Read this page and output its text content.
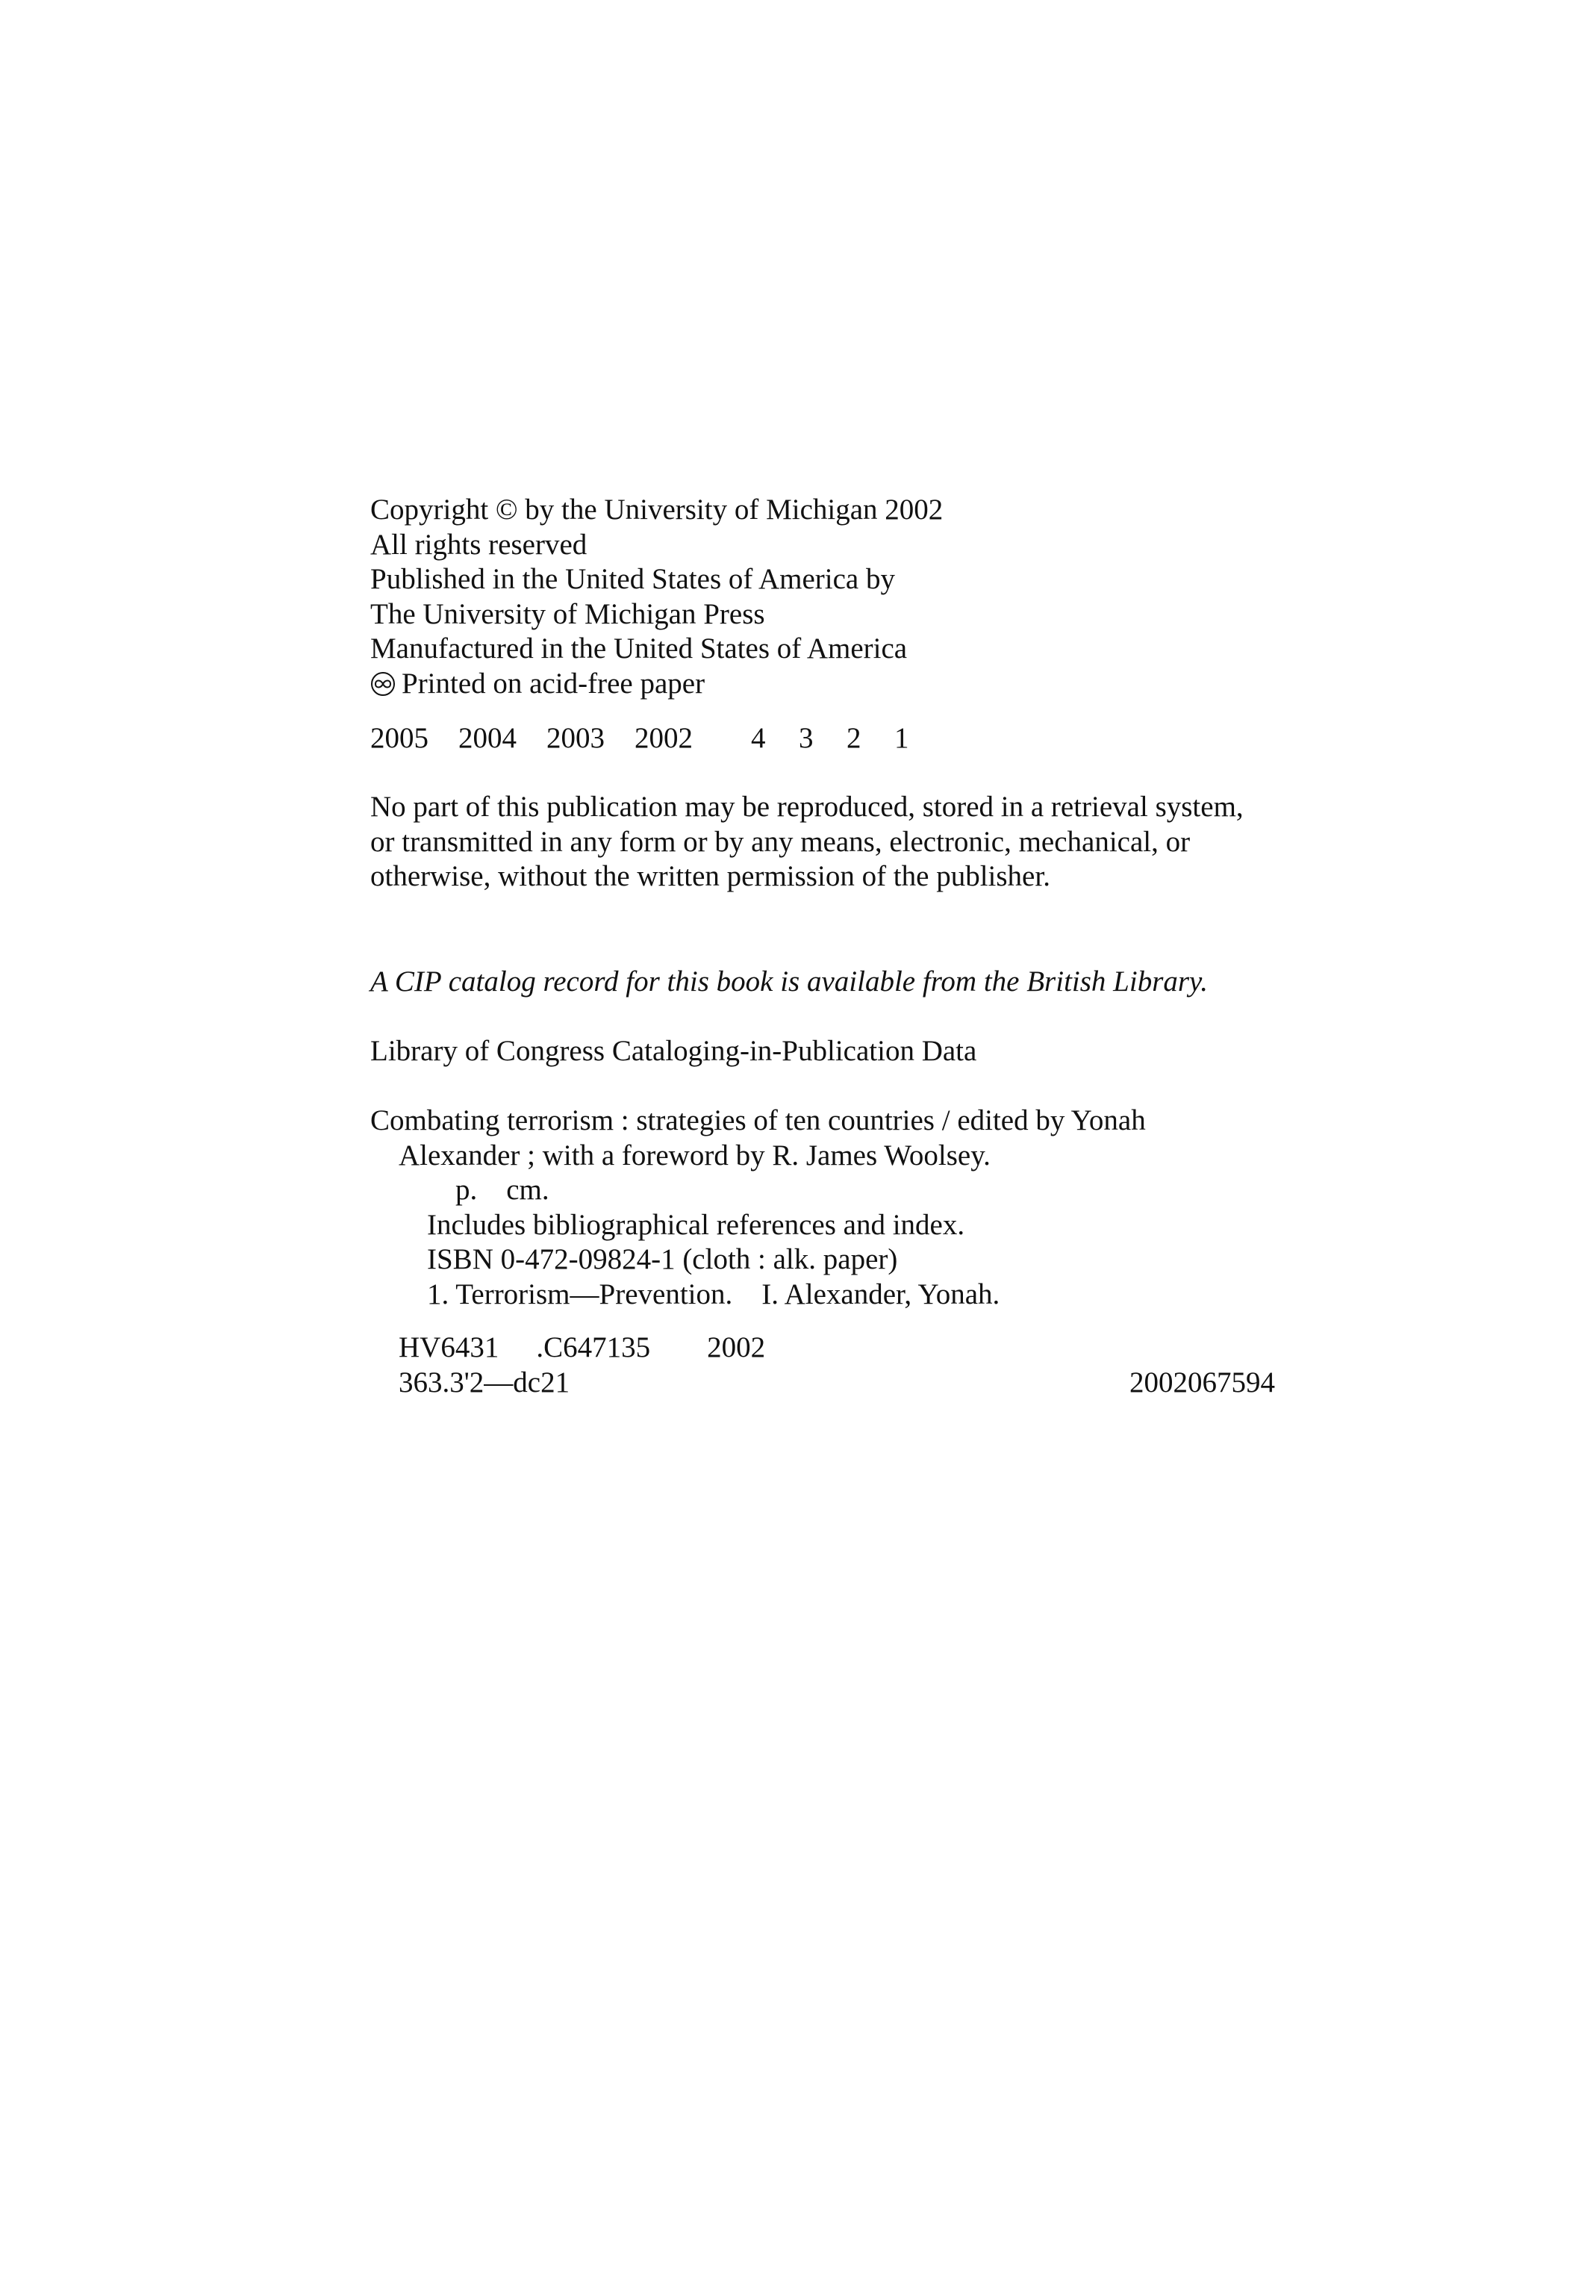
Copyright © by the University of Michigan 2002
All rights reserved
Published in the United States of America by
The University of Michigan Press
Manufactured in the United States of America
Printed on acid-free paper
2005	2004	2003	2002	4	3	2	1
No part of this publication may be reproduced, stored in a retrieval system, or transmitted in any form or by any means, electronic, mechanical, or otherwise, without the written permission of the publisher.
A CIP catalog record for this book is available from the British Library.
Library of Congress Cataloging-in-Publication Data
Combating terrorism : strategies of ten countries / edited by Yonah
Alexander ; with a foreword by R. James Woolsey.
p.    cm.
Includes bibliographical references and index.
ISBN 0-472-09824-1 (cloth : alk. paper)
1. Terrorism—Prevention.    I. Alexander, Yonah.
HV6431 .C647135 2002
363.3'2—dc21	2002067594
